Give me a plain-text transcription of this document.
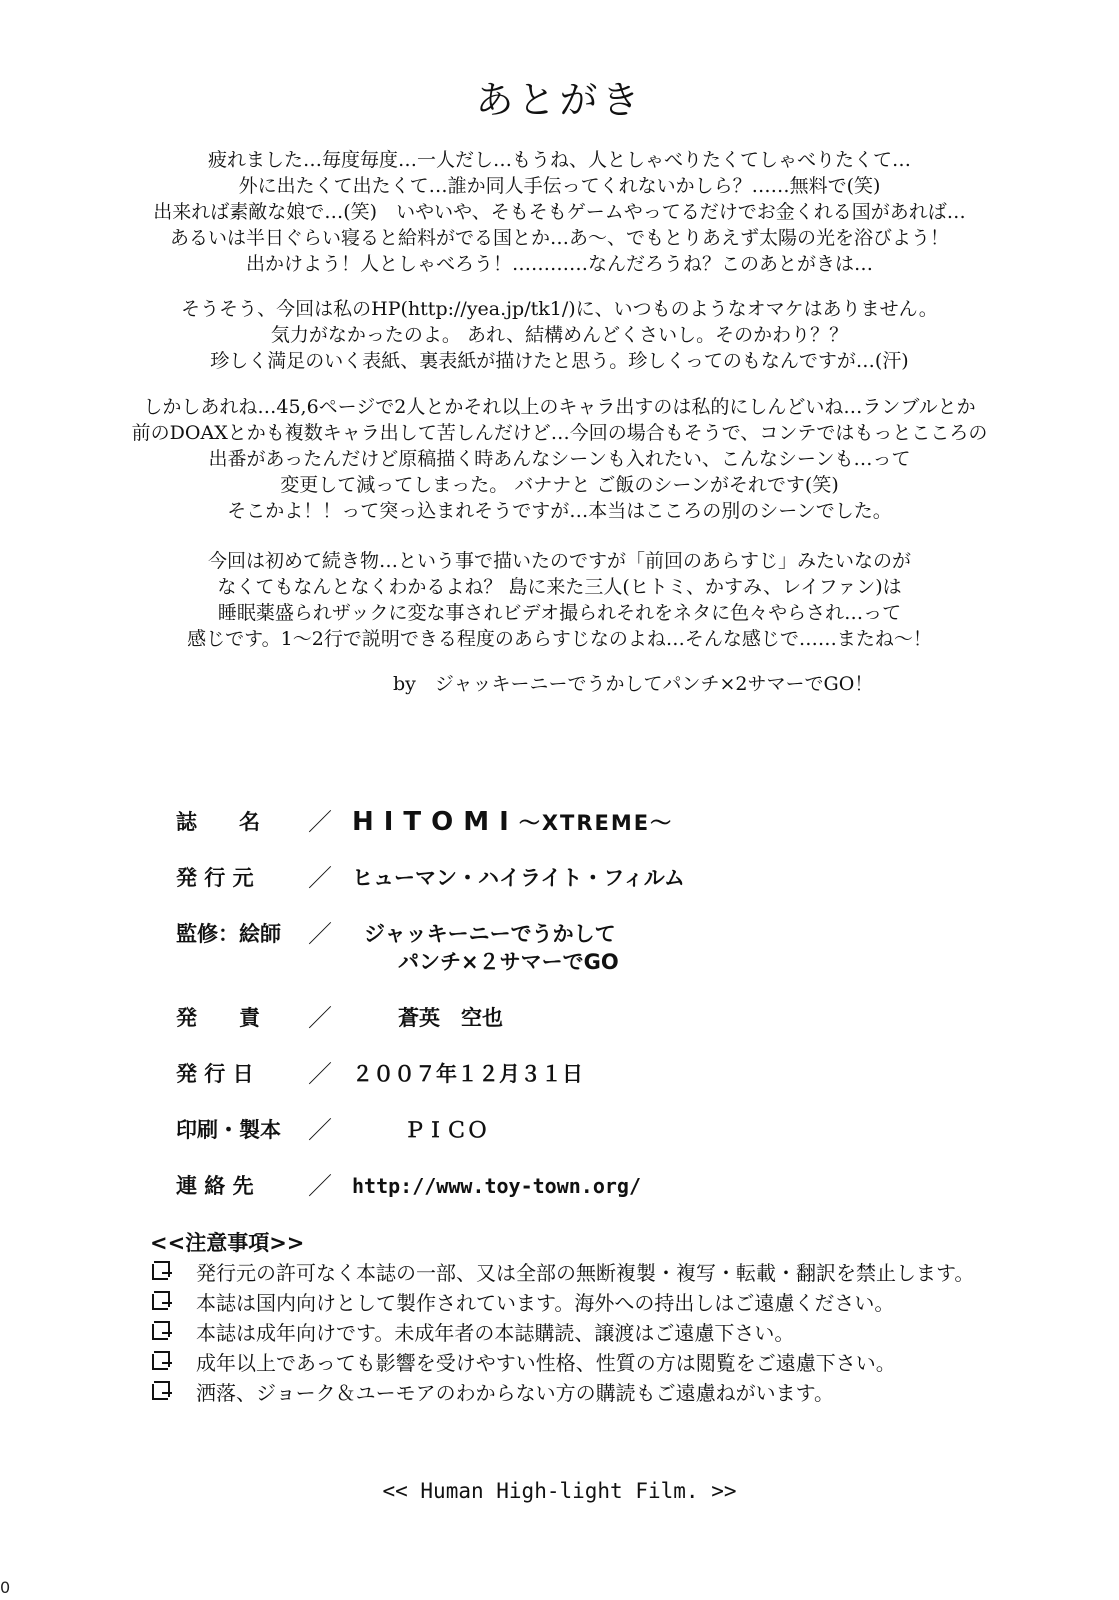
あとがき
疲れました…毎度毎度…一人だし…もうね、人としゃべりたくてしゃべりたくて…
外に出たくて出たくて…誰か同人手伝ってくれないかしら？……無料で(笑)
出来れば素敵な娘で…(笑)　いやいや、そもそもゲームやってるだけでお金くれる国があれば…
あるいは半日ぐらい寝ると給料がでる国とか…あ～、でもとりあえず太陽の光を浴びよう！
出かけよう！人としゃべろう！…………なんだろうね？このあとがきは…
そうそう、今回は私のHP(http://yea.jp/tk1/)に、いつものようなオマケはありません。
気力がなかったのよ。 あれ、結構めんどくさいし。そのかわり？？
珍しく満足のいく表紙、裏表紙が描けたと思う。珍しくってのもなんですが…(汗)
しかしあれね…45,6ページで2人とかそれ以上のキャラ出すのは私的にしんどいね…ランブルとか
前のDOAXとかも複数キャラ出して苦しんだけど…今回の場合もそうで、コンテではもっとこころの
出番があったんだけど原稿描く時あんなシーンも入れたい、こんなシーンも…って
変更して減ってしまった。 バナナと ご飯のシーンがそれです(笑)
そこかよ！！って突っ込まれそうですが…本当はこころの別のシーンでした。
今回は初めて続き物…という事で描いたのですが「前回のあらすじ」みたいなのが
なくてもなんとなくわかるよね？ 島に来た三人(ヒトミ、かすみ、レイファン)は
睡眠薬盛られザックに変な事されビデオ撮られそれをネタに色々やらされ…って
感じです。1～2行で説明できる程度のあらすじなのよね…そんな感じで……またね～！
by　ジャッキーニーでうかしてパンチ×2サマーでGO！
誌　　名	／ HITOMI～XTREME～
発 行 元	／ ヒューマン・ハイライト・フィルム
監修：絵師 ／ ジャッキーニーでうかして
パンチ×２サマーでGO
発　　責	／	蒼英　空也
発 行 日	／ ２００７年１２月３１日
印刷・製本 ／	ＰＩＣＯ
連 絡 先	／ http://www.toy-town.org/
<<注意事項>>
発行元の許可なく本誌の一部、又は全部の無断複製・複写・転載・翻訳を禁止します。
本誌は国内向けとして製作されています。海外への持出しはご遠慮ください。
本誌は成年向けです。未成年者の本誌購読、譲渡はご遠慮下さい。
成年以上であっても影響を受けやすい性格、性質の方は閲覧をご遠慮下さい。
洒落、ジョーク＆ユーモアのわからない方の購読もご遠慮ねがいます。
<< Human High-light Film. >>
0
